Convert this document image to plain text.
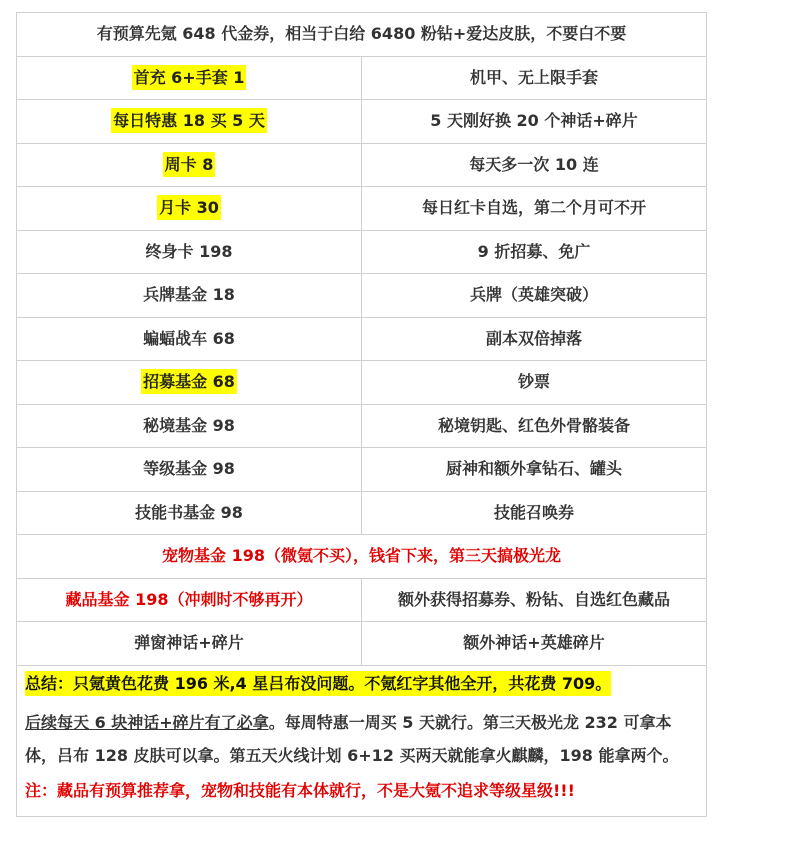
有预算先氪 648 代金券，相当于白给 6480 粉钻+爱达皮肤，不要白不要	
首充 6+手套 1	机甲、无上限手套
每日特惠 18 买 5 天	5 天刚好换 20 个神话+碎片
周卡 8	每天多一次 10 连
月卡 30	每日红卡自选，第二个月可不开
终身卡 198	9 折招募、免广
兵牌基金 18	兵牌（英雄突破）
蝙蝠战车 68	副本双倍掉落
招募基金 68	钞票
秘境基金 98	秘境钥匙、红色外骨骼装备
等级基金 98	厨神和额外拿钻石、罐头
技能书基金 98	技能召唤券
宠物基金 198（微氪不买），钱省下来，第三天搞极光龙	
藏品基金 198（冲刺时不够再开）	额外获得招募券、粉钻、自选红色藏品
弹窗神话+碎片	额外神话+英雄碎片

总结：只氪黄色花费 196 米,4 星吕布没问题。不氪红字其他全开，共花费 709。
后续每天 6 块神话+碎片有了必拿。每周特惠一周买 5 天就行。第三天极光龙 232 可拿本体，吕布 128 皮肤可以拿。第五天火线计划 6+12 买两天就能拿火麒麟，198 能拿两个。
注：藏品有预算推荐拿，宠物和技能有本体就行，不是大氪不追求等级星级!!!	
